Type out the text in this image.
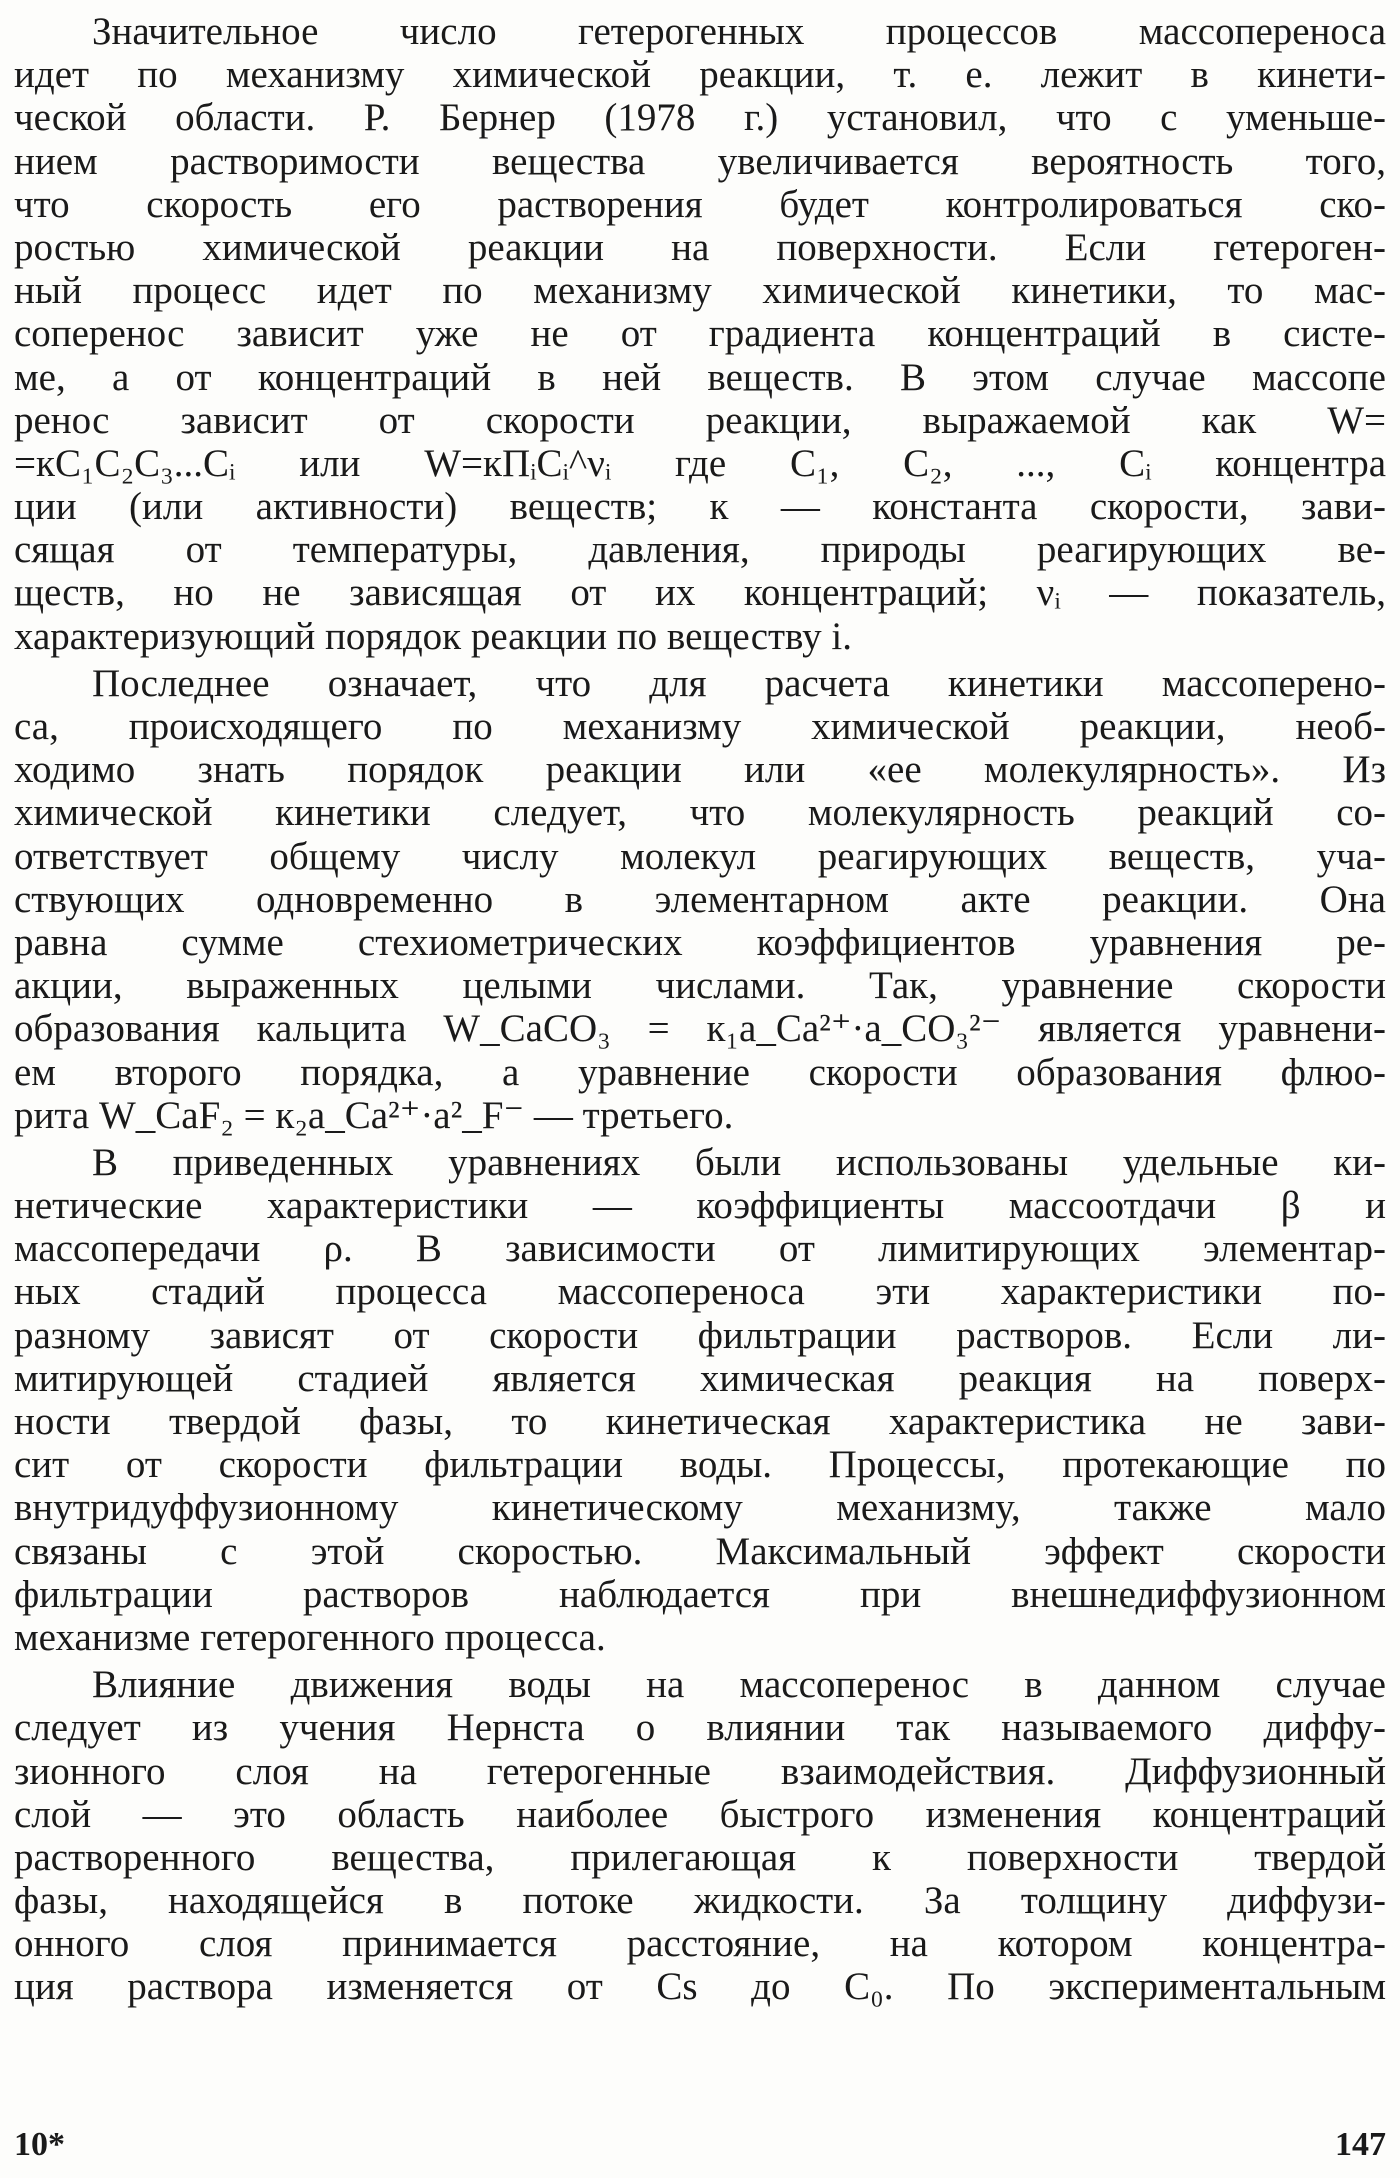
Значительное число гетерогенных процессов массопереноса
идет по механизму химической реакции, т. е. лежит в кинети-
ческой области. Р. Бернер (1978 г.) установил, что с уменьше-
нием растворимости вещества увеличивается вероятность того,
что скорость его растворения будет контролироваться ско-
ростью химической реакции на поверхности. Если гетероген-
ный процесс идет по механизму химической кинетики, то мас-
соперенос зависит уже не от градиента концентраций в систе-
ме, а от концентраций в ней веществ. В этом случае массопе
ренос зависит от скорости реакции, выражаемой как W=
=кC₁C₂C₃...Cᵢ или W=кΠᵢCᵢ^νᵢ где C₁, C₂, ..., Cᵢ концентра
ции (или активности) веществ; к — константа скорости, зави-
сящая от температуры, давления, природы реагирующих ве-
ществ, но не зависящая от их концентраций; νᵢ — показатель,
характеризующий порядок реакции по веществу i.
Последнее означает, что для расчета кинетики массоперено-
са, происходящего по механизму химической реакции, необ-
ходимо знать порядок реакции или «ее молекулярность». Из
химической кинетики следует, что молекулярность реакций со-
ответствует общему числу молекул реагирующих веществ, уча-
ствующих одновременно в элементарном акте реакции. Она
равна сумме стехиометрических коэффициентов уравнения ре-
акции, выраженных целыми числами. Так, уравнение скорости
образования кальцита W_CaCO₃ = к₁a_Ca²⁺·a_CO₃²⁻ является уравнени-
ем второго порядка, а уравнение скорости образования флюо-
рита W_CaF₂ = к₂a_Ca²⁺·a²_F⁻ — третьего.
В приведенных уравнениях были использованы удельные ки-
нетические характеристики — коэффициенты массоотдачи β и
массопередачи ρ. В зависимости от лимитирующих элементар-
ных стадий процесса массопереноса эти характеристики по-
разному зависят от скорости фильтрации растворов. Если ли-
митирующей стадией является химическая реакция на поверх-
ности твердой фазы, то кинетическая характеристика не зави-
сит от скорости фильтрации воды. Процессы, протекающие по
внутридуффузионному кинетическому механизму, также мало
связаны с этой скоростью. Максимальный эффект скорости
фильтрации растворов наблюдается при внешнедиффузионном
механизме гетерогенного процесса.
Влияние движения воды на массоперенос в данном случае
следует из учения Нернста о влиянии так называемого диффу-
зионного слоя на гетерогенные взаимодействия. Диффузионный
слой — это область наиболее быстрого изменения концентраций
растворенного вещества, прилегающая к поверхности твердой
фазы, находящейся в потоке жидкости. За толщину диффузи-
онного слоя принимается расстояние, на котором концентра-
ция раствора изменяется от Cs до C₀. По экспериментальным
10*	147
